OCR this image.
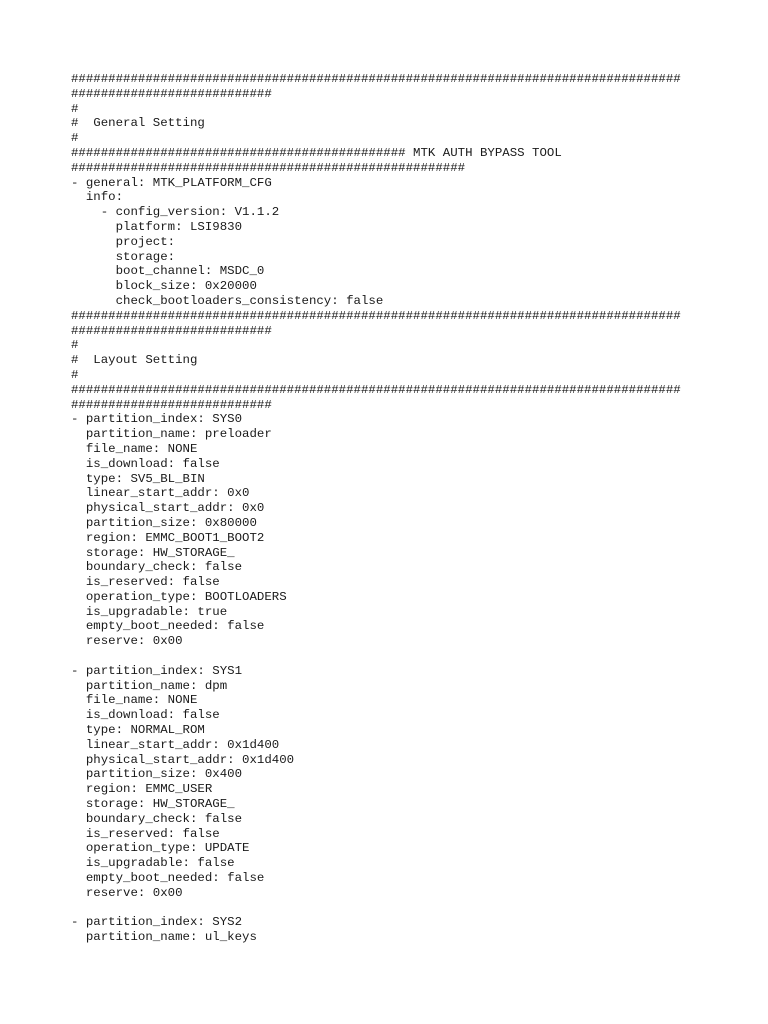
##################################################################################
###########################
#
#  General Setting
#
############################################# MTK AUTH BYPASS TOOL
#####################################################
- general: MTK_PLATFORM_CFG
info:
- config_version: V1.1.2
platform: LSI9830
project:
storage:
boot_channel: MSDC_0
block_size: 0x20000
check_bootloaders_consistency: false
##################################################################################
###########################
#
#  Layout Setting
#
##################################################################################
###########################
- partition_index: SYS0
partition_name: preloader
file_name: NONE
is_download: false
type: SV5_BL_BIN
linear_start_addr: 0x0
physical_start_addr: 0x0
partition_size: 0x80000
region: EMMC_BOOT1_BOOT2
storage: HW_STORAGE_
boundary_check: false
is_reserved: false
operation_type: BOOTLOADERS
is_upgradable: true
empty_boot_needed: false
reserve: 0x00
- partition_index: SYS1
partition_name: dpm
file_name: NONE
is_download: false
type: NORMAL_ROM
linear_start_addr: 0x1d400
physical_start_addr: 0x1d400
partition_size: 0x400
region: EMMC_USER
storage: HW_STORAGE_
boundary_check: false
is_reserved: false
operation_type: UPDATE
is_upgradable: false
empty_boot_needed: false
reserve: 0x00
- partition_index: SYS2
partition_name: ul_keys
